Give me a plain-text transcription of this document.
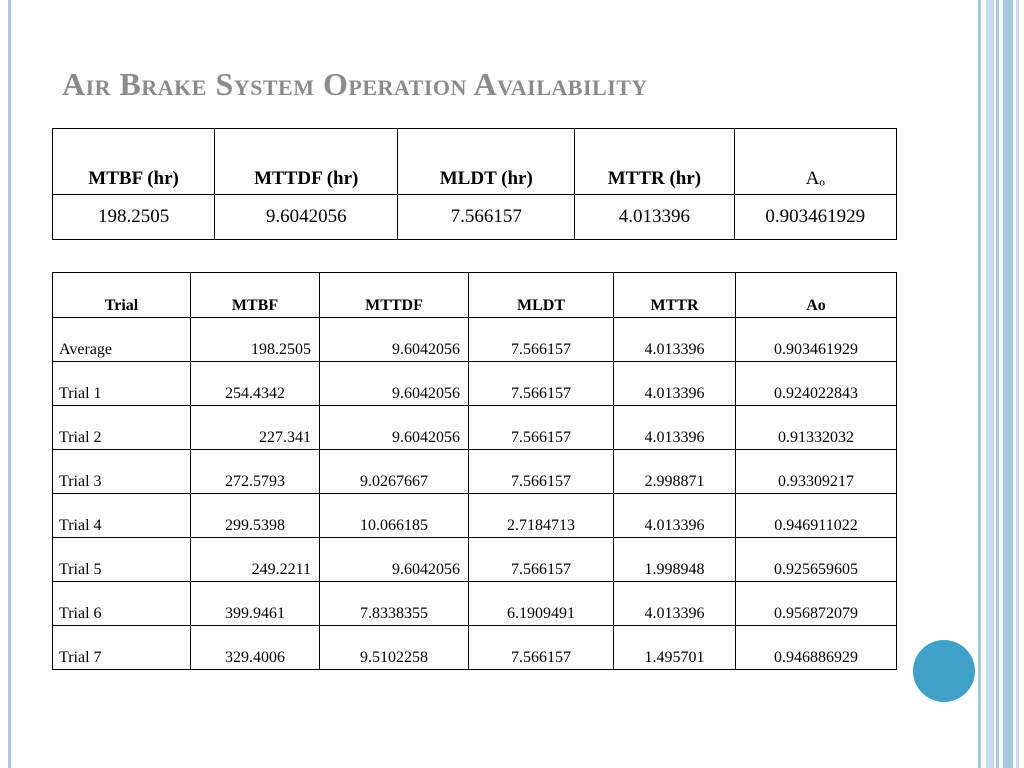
Air Brake System Operation Availability
MTBF (hr)	MTTDF (hr)	MLDT (hr)	MTTR (hr)	Aₒ
198.2505	9.6042056	7.566157	4.013396	0.903461929
Trial	MTBF	MTTDF	MLDT	MTTR	Ao
Average	198.2505	9.6042056	7.566157	4.013396	0.903461929
Trial 1	254.4342	9.6042056	7.566157	4.013396	0.924022843
Trial 2	227.341	9.6042056	7.566157	4.013396	0.91332032
Trial 3	272.5793	9.0267667	7.566157	2.998871	0.93309217
Trial 4	299.5398	10.066185	2.7184713	4.013396	0.946911022
Trial 5	249.2211	9.6042056	7.566157	1.998948	0.925659605
Trial 6	399.9461	7.8338355	6.1909491	4.013396	0.956872079
Trial 7	329.4006	9.5102258	7.566157	1.495701	0.946886929
